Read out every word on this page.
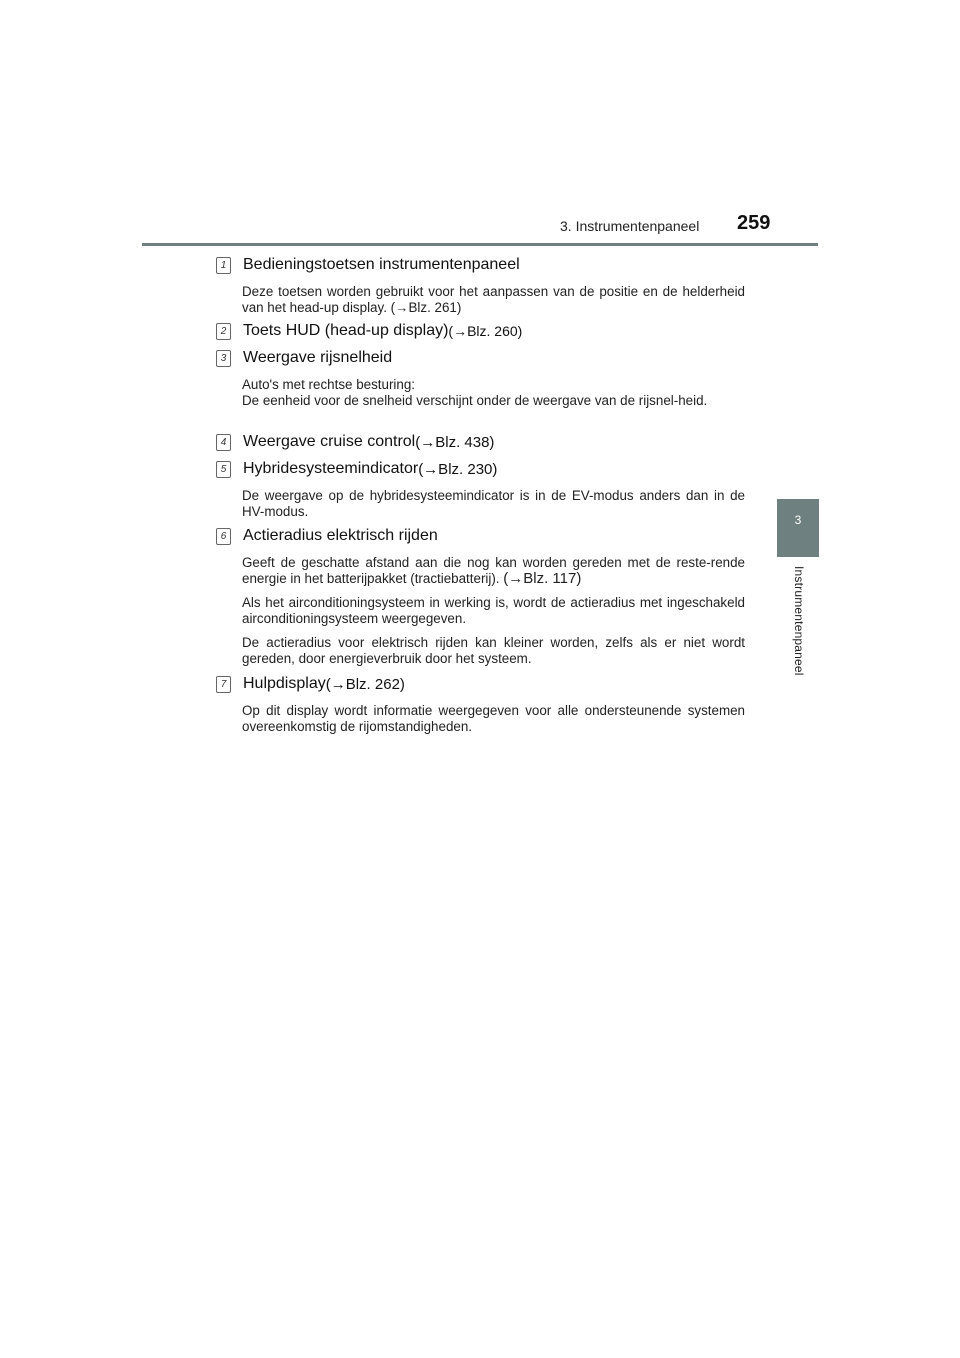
3. Instrumentenpaneel 259
3
Instrumentenpaneel
1 Bedieningstoetsen instrumentenpaneel
Deze toetsen worden gebruikt voor het aanpassen van de positie en de helderheid van het head-up display. (→Blz. 261)
2 Toets HUD (head-up display) (→Blz. 260)
3 Weergave rijsnelheid
Auto's met rechtse besturing:
De eenheid voor de snelheid verschijnt onder de weergave van de rijsnel-heid.
4 Weergave cruise control (→Blz. 438)
5 Hybridesysteemindicator (→Blz. 230)
De weergave op de hybridesysteemindicator is in de EV-modus anders dan in de HV-modus.
6 Actieradius elektrisch rijden
Geeft de geschatte afstand aan die nog kan worden gereden met de reste-rende energie in het batterijpakket (tractiebatterij). (→Blz. 117)
Als het airconditioningsysteem in werking is, wordt de actieradius met ingeschakeld airconditioningsysteem weergegeven.
De actieradius voor elektrisch rijden kan kleiner worden, zelfs als er niet wordt gereden, door energieverbruik door het systeem.
7 Hulpdisplay (→Blz. 262)
Op dit display wordt informatie weergegeven voor alle ondersteunende systemen overeenkomstig de rijomstandigheden.
